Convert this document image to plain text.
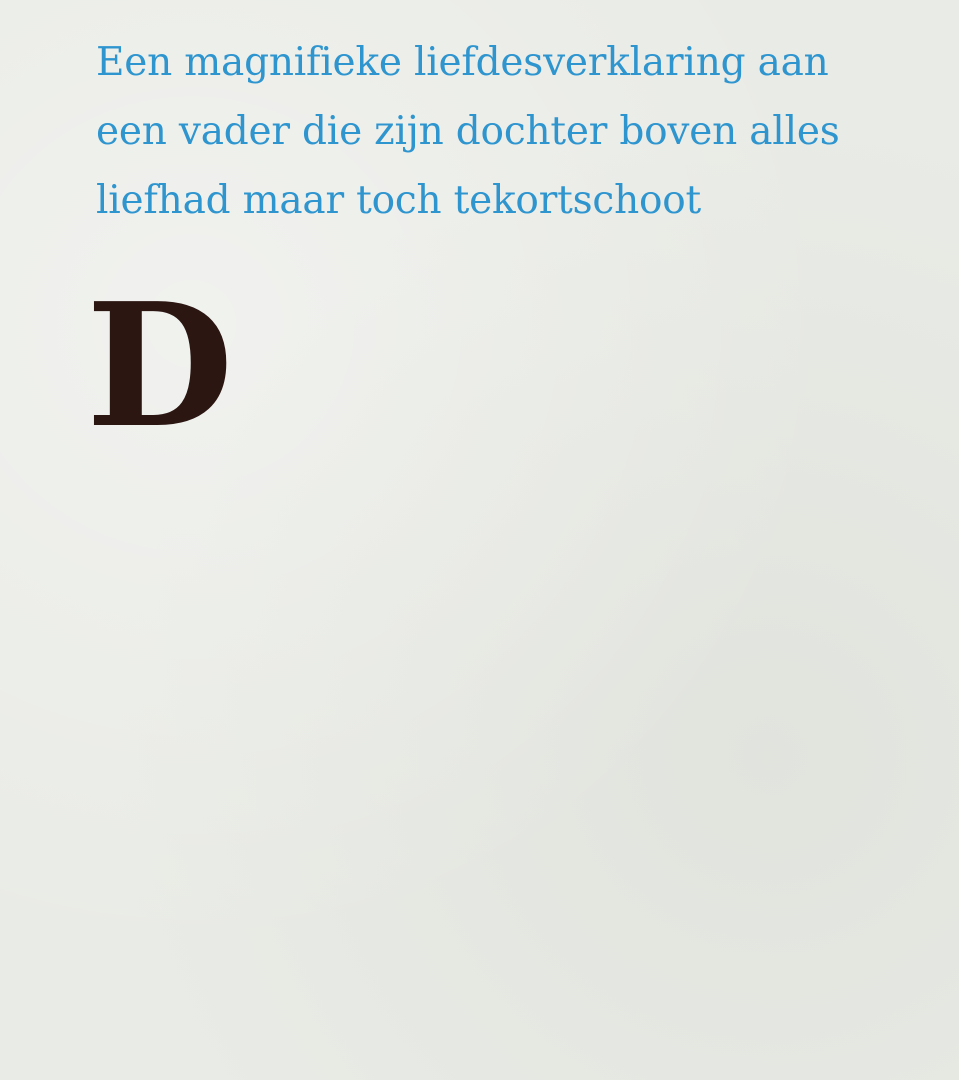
Een magnifieke liefdesverklaring aan
een vader die zijn dochter boven alles
liefhad maar toch tekortschoot
D
